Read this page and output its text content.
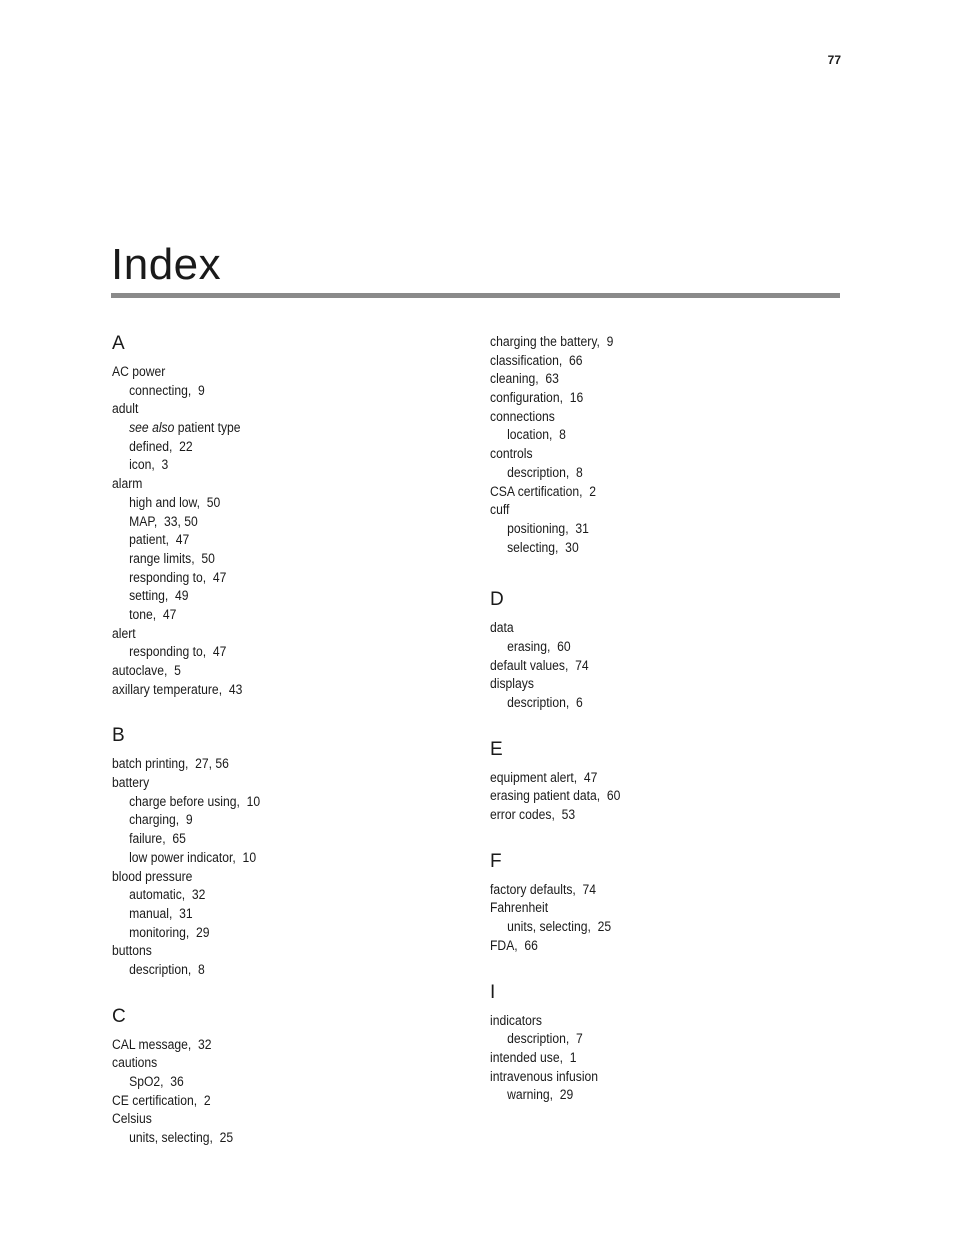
77
Index
A
AC power
connecting,  9
adult
see also patient type
defined,  22
icon,  3
alarm
high and low,  50
MAP,  33, 50
patient,  47
range limits,  50
responding to,  47
setting,  49
tone,  47
alert
responding to,  47
autoclave,  5
axillary temperature,  43
B
batch printing,  27, 56
battery
charge before using,  10
charging,  9
failure,  65
low power indicator,  10
blood pressure
automatic,  32
manual,  31
monitoring,  29
buttons
description,  8
C
CAL message,  32
cautions
SpO2,  36
CE certification,  2
Celsius
units, selecting,  25
charging the battery,  9
classification,  66
cleaning,  63
configuration,  16
connections
location,  8
controls
description,  8
CSA certification,  2
cuff
positioning,  31
selecting,  30
D
data
erasing,  60
default values,  74
displays
description,  6
E
equipment alert,  47
erasing patient data,  60
error codes,  53
F
factory defaults,  74
Fahrenheit
units, selecting,  25
FDA,  66
I
indicators
description,  7
intended use,  1
intravenous infusion
warning,  29
